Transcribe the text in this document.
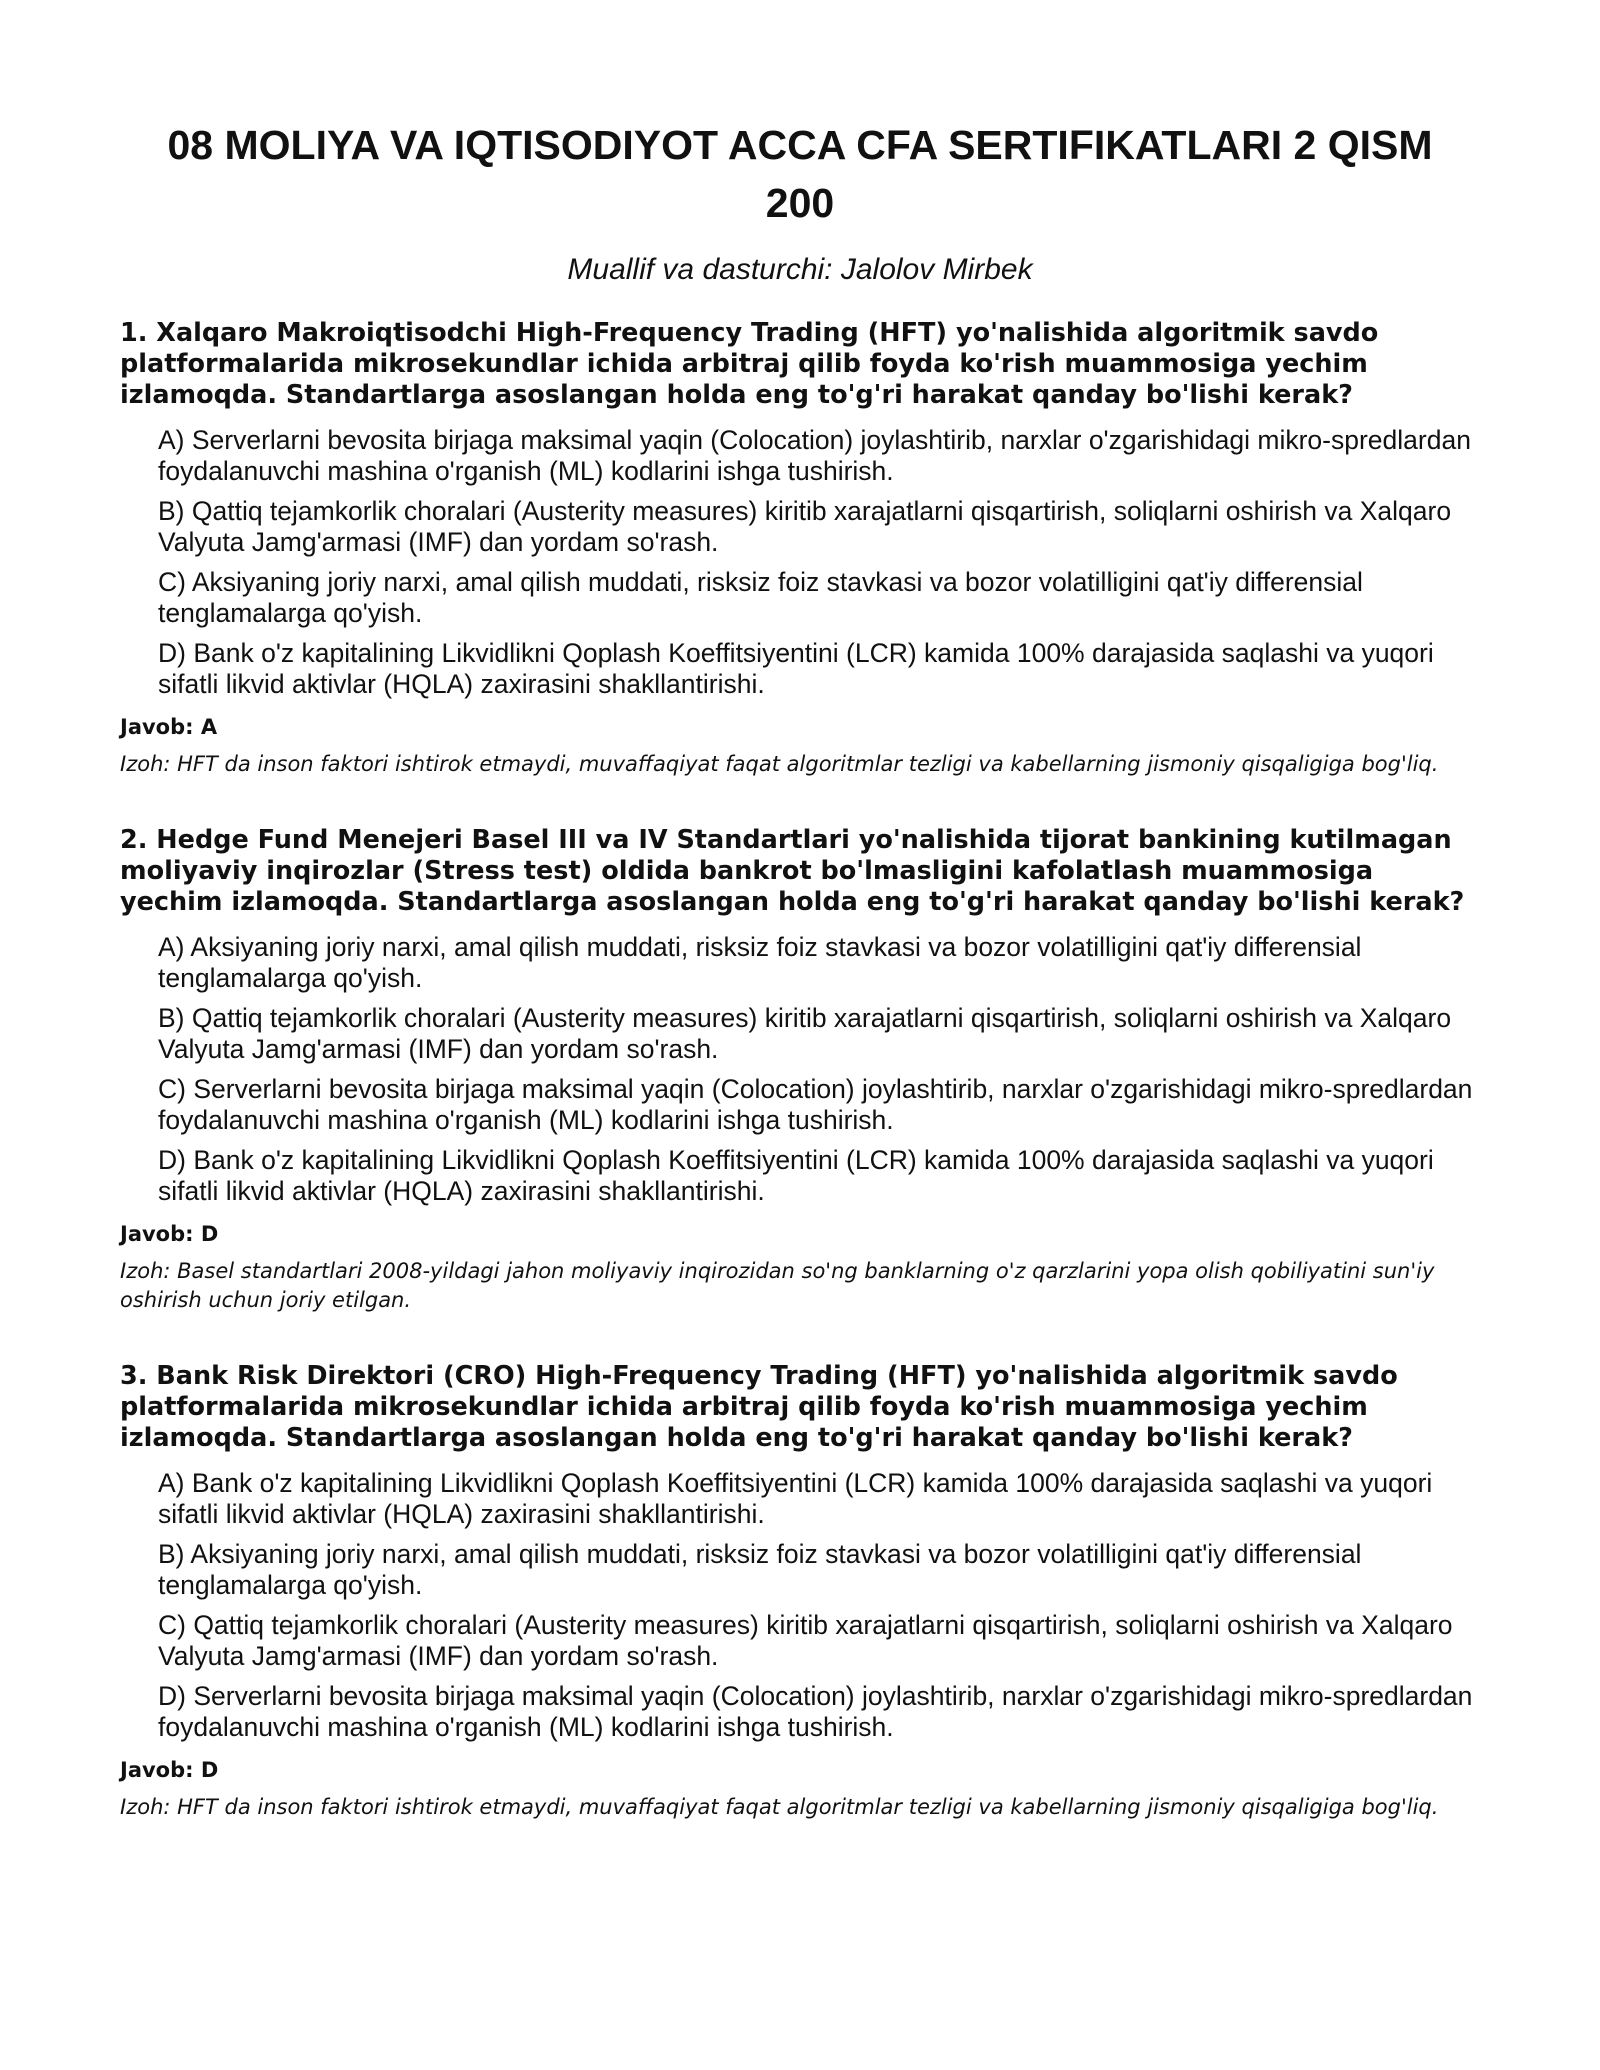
08 MOLIYA VA IQTISODIYOT ACCA CFA SERTIFIKATLARI 2 QISM
200

Muallif va dasturchi: Jalolov Mirbek

1. Xalqaro Makroiqtisodchi High-Frequency Trading (HFT) yo'nalishida algoritmik savdo platformalarida mikrosekundlar ichida arbitraj qilib foyda ko'rish muammosiga yechim izlamoqda. Standartlarga asoslangan holda eng to'g'ri harakat qanday bo'lishi kerak?

A) Serverlarni bevosita birjaga maksimal yaqin (Colocation) joylashtirib, narxlar o'zgarishidagi mikro-spredlardan foydalanuvchi mashina o'rganish (ML) kodlarini ishga tushirish.
B) Qattiq tejamkorlik choralari (Austerity measures) kiritib xarajatlarni qisqartirish, soliqlarni oshirish va Xalqaro Valyuta Jamg'armasi (IMF) dan yordam so'rash.
C) Aksiyaning joriy narxi, amal qilish muddati, risksiz foiz stavkasi va bozor volatilligini qat'iy differensial tenglamalarga qo'yish.
D) Bank o'z kapitalining Likvidlikni Qoplash Koeffitsiyentini (LCR) kamida 100% darajasida saqlashi va yuqori sifatli likvid aktivlar (HQLA) zaxirasini shakllantirishi.

Javob: A

Izoh: HFT da inson faktori ishtirok etmaydi, muvaffaqiyat faqat algoritmlar tezligi va kabellarning jismoniy qisqaligiga bog'liq.

2. Hedge Fund Menejeri Basel III va IV Standartlari yo'nalishida tijorat bankining kutilmagan moliyaviy inqirozlar (Stress test) oldida bankrot bo'lmasligini kafolatlash muammosiga yechim izlamoqda. Standartlarga asoslangan holda eng to'g'ri harakat qanday bo'lishi kerak?

A) Aksiyaning joriy narxi, amal qilish muddati, risksiz foiz stavkasi va bozor volatilligini qat'iy differensial tenglamalarga qo'yish.
B) Qattiq tejamkorlik choralari (Austerity measures) kiritib xarajatlarni qisqartirish, soliqlarni oshirish va Xalqaro Valyuta Jamg'armasi (IMF) dan yordam so'rash.
C) Serverlarni bevosita birjaga maksimal yaqin (Colocation) joylashtirib, narxlar o'zgarishidagi mikro-spredlardan foydalanuvchi mashina o'rganish (ML) kodlarini ishga tushirish.
D) Bank o'z kapitalining Likvidlikni Qoplash Koeffitsiyentini (LCR) kamida 100% darajasida saqlashi va yuqori sifatli likvid aktivlar (HQLA) zaxirasini shakllantirishi.

Javob: D

Izoh: Basel standartlari 2008-yildagi jahon moliyaviy inqirozidan so'ng banklarning o'z qarzlarini yopa olish qobiliyatini sun'iy oshirish uchun joriy etilgan.

3. Bank Risk Direktori (CRO) High-Frequency Trading (HFT) yo'nalishida algoritmik savdo platformalarida mikrosekundlar ichida arbitraj qilib foyda ko'rish muammosiga yechim izlamoqda. Standartlarga asoslangan holda eng to'g'ri harakat qanday bo'lishi kerak?

A) Bank o'z kapitalining Likvidlikni Qoplash Koeffitsiyentini (LCR) kamida 100% darajasida saqlashi va yuqori sifatli likvid aktivlar (HQLA) zaxirasini shakllantirishi.
B) Aksiyaning joriy narxi, amal qilish muddati, risksiz foiz stavkasi va bozor volatilligini qat'iy differensial tenglamalarga qo'yish.
C) Qattiq tejamkorlik choralari (Austerity measures) kiritib xarajatlarni qisqartirish, soliqlarni oshirish va Xalqaro Valyuta Jamg'armasi (IMF) dan yordam so'rash.
D) Serverlarni bevosita birjaga maksimal yaqin (Colocation) joylashtirib, narxlar o'zgarishidagi mikro-spredlardan foydalanuvchi mashina o'rganish (ML) kodlarini ishga tushirish.

Javob: D

Izoh: HFT da inson faktori ishtirok etmaydi, muvaffaqiyat faqat algoritmlar tezligi va kabellarning jismoniy qisqaligiga bog'liq.
